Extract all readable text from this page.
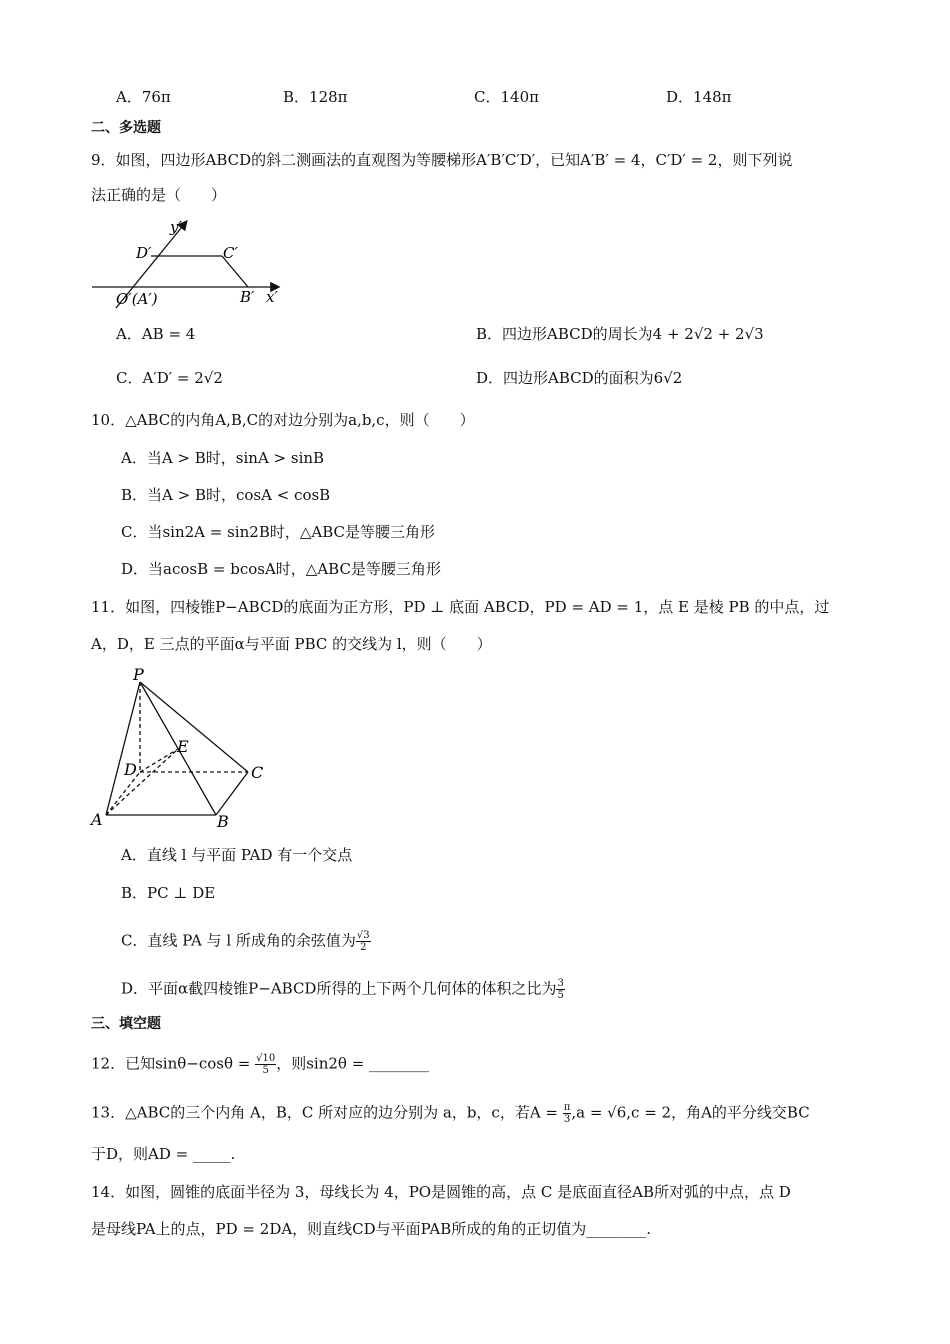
A．76π	B．128π	C．140π	D．148π
二、多选题
9．如图，四边形ABCD的斜二测画法的直观图为等腰梯形A′B′C′D′，已知A′B′ = 4，C′D′ = 2，则下列说
法正确的是（　　）
y′
D′	C′
O′(A′)	B′ x′
A．AB = 4	B．四边形ABCD的周长为4 + 2√2 + 2√3
C．A′D′ = 2√2	D．四边形ABCD的面积为6√2
10．△ABC的内角A,B,C的对边分别为a,b,c，则（　　）
A．当A > B时，sinA > sinB
B．当A > B时，cosA < cosB
C．当sin2A = sin2B时，△ABC是等腰三角形
D．当acosB = bcosA时，△ABC是等腰三角形
11．如图，四棱锥P−ABCD的底面为正方形，PD ⊥ 底面 ABCD，PD = AD = 1，点 E 是棱 PB 的中点，过
A，D，E 三点的平面α与平面 PBC 的交线为 l，则（　　）
P
E
D	C
A	B
A．直线 l 与平面 PAD 有一个交点
B．PC ⊥ DE
C．直线 PA 与 l 所成角的余弦值为 $\frac{√3}{2}$
D．平面α截四棱锥P−ABCD所得的上下两个几何体的体积之比为 $\frac{3}{5}$
三、填空题
12．已知$\sin\theta-\cos\theta = \frac{√10}{5}$ ，则sin2θ = ________
13．△ABC的三个内角 A，B，C 所对应的边分别为 a，b，c，若$A = \frac{\pi}{3} ,a = √6,c = 2$，角A的平分线交BC
于D，则AD = _____.
14．如图，圆锥的底面半径为 3，母线长为 4，PO是圆锥的高，点 C 是底面直径AB所对弧的中点，点 D
是母线PA上的点，PD = 2DA，则直线CD与平面PAB所成的角的正切值为________.
